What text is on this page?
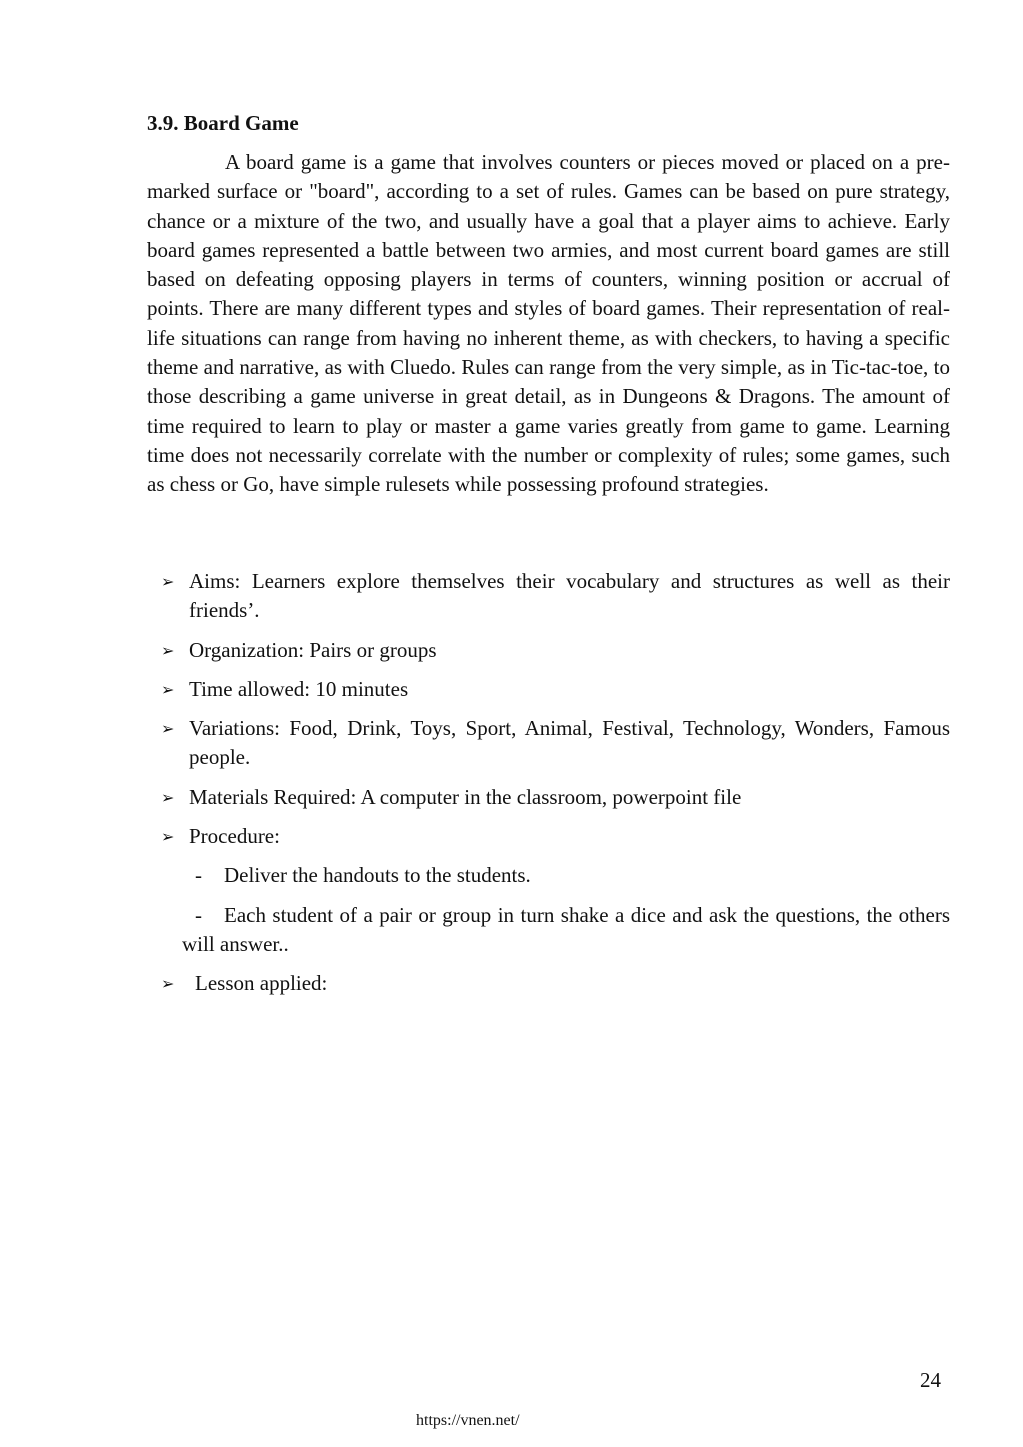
3.9. Board Game

A board game is a game that involves counters or pieces moved or placed on a pre-marked surface or "board", according to a set of rules. Games can be based on pure strategy, chance or a mixture of the two, and usually have a goal that a player aims to achieve. Early board games represented a battle between two armies, and most current board games are still based on defeating opposing players in terms of counters, winning position or accrual of points. There are many different types and styles of board games. Their representation of real-life situations can range from having no inherent theme, as with checkers, to having a specific theme and narrative, as with Cluedo. Rules can range from the very simple, as in Tic-tac-toe, to those describing a game universe in great detail, as in Dungeons & Dragons. The amount of time required to learn to play or master a game varies greatly from game to game. Learning time does not necessarily correlate with the number or complexity of rules; some games, such as chess or Go, have simple rulesets while possessing profound strategies.

➢ Aims: Learners explore themselves their vocabulary and structures as well as their friends’.
➢ Organization: Pairs or groups
➢ Time allowed: 10 minutes
➢ Variations: Food, Drink, Toys, Sport, Animal, Festival, Technology, Wonders, Famous people.
➢ Materials Required: A computer in the classroom, powerpoint file
➢ Procedure:
-	Deliver the handouts to the students.
-	Each student of a pair or group in turn shake a dice and ask the questions, the others will answer..
➢ Lesson applied:
24
https://vnen.net/
